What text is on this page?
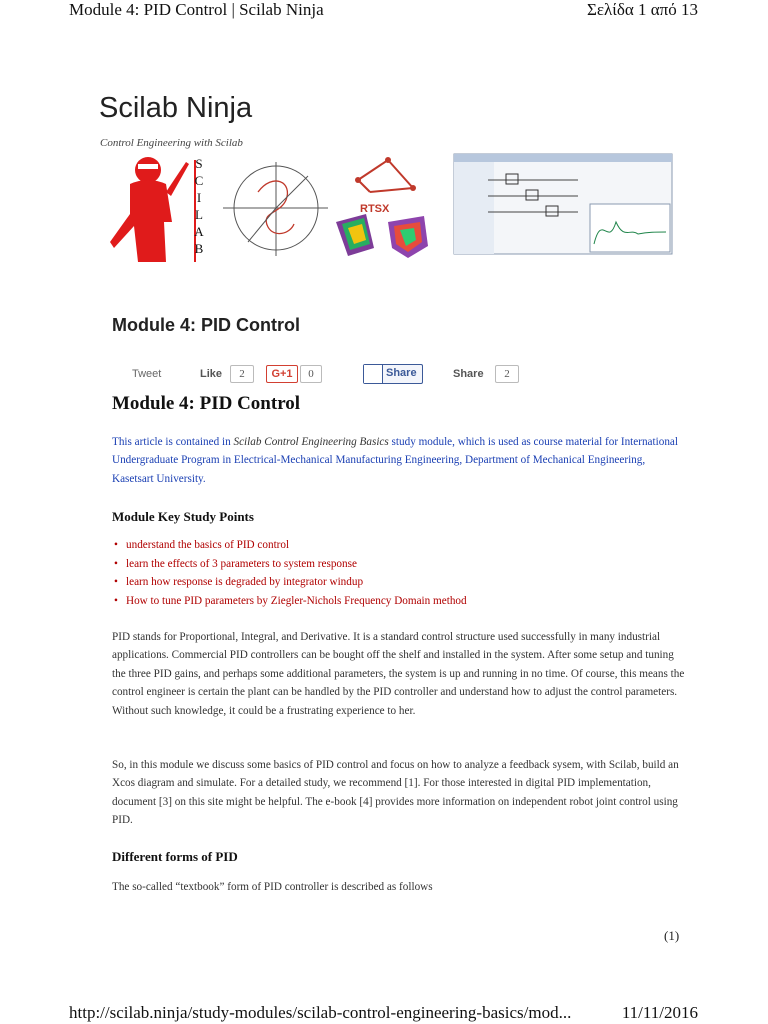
Module 4: PID Control | Scilab Ninja	Σελίδα 1 από 13
Scilab Ninja
Control Engineering with Scilab
S
C
I
L
A
B
RTSX
Module 4: PID Control
Tweet	Like	2	G+1	0	Share	Share	2
Module 4: PID Control
This article is contained in Scilab Control Engineering Basics study module, which is used as course material for International Undergraduate Program in Electrical-Mechanical Manufacturing Engineering, Department of Mechanical Engineering, Kasetsart University.
Module Key Study Points
• understand the basics of PID control
• learn the effects of 3 parameters to system response
• learn how response is degraded by integrator windup
• How to tune PID parameters by Ziegler-Nichols Frequency Domain method
PID stands for Proportional, Integral, and Derivative. It is a standard control structure used successfully in many industrial applications. Commercial PID controllers can be bought off the shelf and installed in the system. After some setup and tuning the three PID gains, and perhaps some additional parameters, the system is up and running in no time. Of course, this means the control engineer is certain the plant can be handled by the PID controller and understand how to adjust the control parameters. Without such knowledge, it could be a frustrating experience to her.
So, in this module we discuss some basics of PID control and focus on how to analyze a feedback sysem, with Scilab, build an Xcos diagram and simulate. For a detailed study, we recommend [1]. For those interested in digital PID implementation, document [3] on this site might be helpful. The e-book [4] provides more information on independent robot joint control using PID.
Different forms of PID
The so-called “textbook” form of PID controller is described as follows
(1)
http://scilab.ninja/study-modules/scilab-control-engineering-basics/mod...	11/11/2016
